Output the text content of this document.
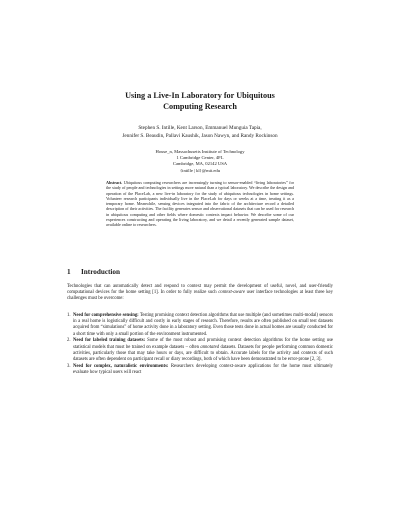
Using a Live-In Laboratory for Ubiquitous
Computing Research
Stephen S. Intille, Kent Larson, Emmanuel Munguia Tapia,
Jennifer S. Beaudin, Pallavi Kaushik, Jason Nawyn, and Randy Rockinson
House_n, Massachusetts Institute of Technology
1 Cambridge Center, 4FL
Cambridge, MA, 02142 USA
{intille | kl}@mit.edu
Abstract. Ubiquitous computing researchers are increasingly turning to sensor-enabled “living laboratories” for the study of people and technologies in settings more natural than a typical laboratory. We describe the design and operation of the PlaceLab, a new live-in laboratory for the study of ubiquitous technologies in home settings. Volunteer research participants individually live in the PlaceLab for days or weeks at a time, treating it as a temporary home. Meanwhile, sensing devices integrated into the fabric of the architecture record a detailed description of their activities. The facility generates sensor and observational datasets that can be used for research in ubiquitous computing and other fields where domestic contexts impact behavior. We describe some of our experiences constructing and operating the living laboratory, and we detail a recently generated sample dataset, available online to researchers.
1 Introduction
Technologies that can automatically detect and respond to context may permit the development of useful, novel, and user-friendly computational devices for the home setting [1]. In order to fully realize such context-aware user interface technologies at least three key challenges must be overcome:
1. Need for comprehensive sensing: Testing promising context detection algorithms that use multiple (and sometimes multi-modal) sensors in a real home is logistically difficult and costly in early stages of research. Therefore, results are often published on small test datasets acquired from “simulations” of home activity done in a laboratory setting. Even those tests done in actual homes are usually conducted for a short time with only a small portion of the environment instrumented.
2. Need for labeled training datasets: Some of the most robust and promising context detection algorithms for the home setting use statistical models that must be trained on example datasets – often annotated datasets. Datasets for people performing common domestic activities, particularly those that may take hours or days, are difficult to obtain. Accurate labels for the activity and contexts of such datasets are often dependent on participant recall or diary recordings, both of which have been demonstrated to be error-prone [2, 3].
3. Need for complex, naturalistic environments: Researchers developing context-aware applications for the home must ultimately evaluate how typical users will react
